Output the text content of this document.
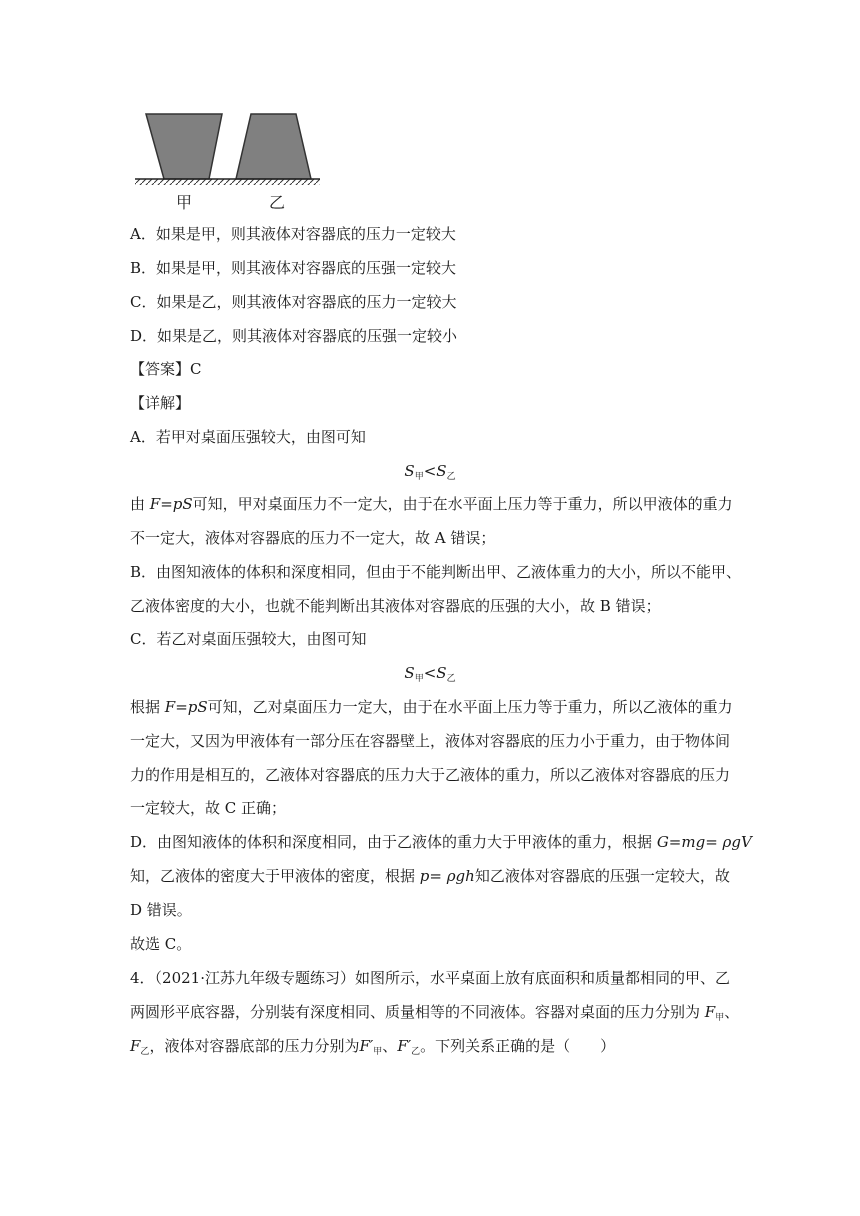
甲	乙
A．如果是甲，则其液体对容器底的压力一定较大
B．如果是甲，则其液体对容器底的压强一定较大
C．如果是乙，则其液体对容器底的压力一定较大
D．如果是乙，则其液体对容器底的压强一定较小
【答案】C
【详解】
A．若甲对桌面压强较大，由图可知
$S_甲<S_乙$
由 F=pS可知，甲对桌面压力不一定大，由于在水平面上压力等于重力，所以甲液体的重力
不一定大，液体对容器底的压力不一定大，故 A 错误；
B．由图知液体的体积和深度相同，但由于不能判断出甲、乙液体重力的大小，所以不能甲、
乙液体密度的大小，也就不能判断出其液体对容器底的压强的大小，故 B 错误；
C．若乙对桌面压强较大，由图可知
$S_甲<S_乙$
根据 F=pS可知，乙对桌面压力一定大，由于在水平面上压力等于重力，所以乙液体的重力
一定大，又因为甲液体有一部分压在容器壁上，液体对容器底的压力小于重力，由于物体间
力的作用是相互的，乙液体对容器底的压力大于乙液体的重力，所以乙液体对容器底的压力
一定较大，故 C 正确；
D．由图知液体的体积和深度相同，由于乙液体的重力大于甲液体的重力，根据 G=mg= ρgV
知，乙液体的密度大于甲液体的密度，根据 p= ρgh知乙液体对容器底的压强一定较大，故
D 错误。
故选 C。
4．（2021·江苏九年级专题练习）如图所示，水平桌面上放有底面积和质量都相同的甲、乙
两圆形平底容器，分别装有深度相同、质量相等的不同液体。容器对桌面的压力分别为 $F_甲$、
$F_乙$，液体对容器底部的压力分别为$F'_甲$、$F'_乙$。下列关系正确的是（　　）
